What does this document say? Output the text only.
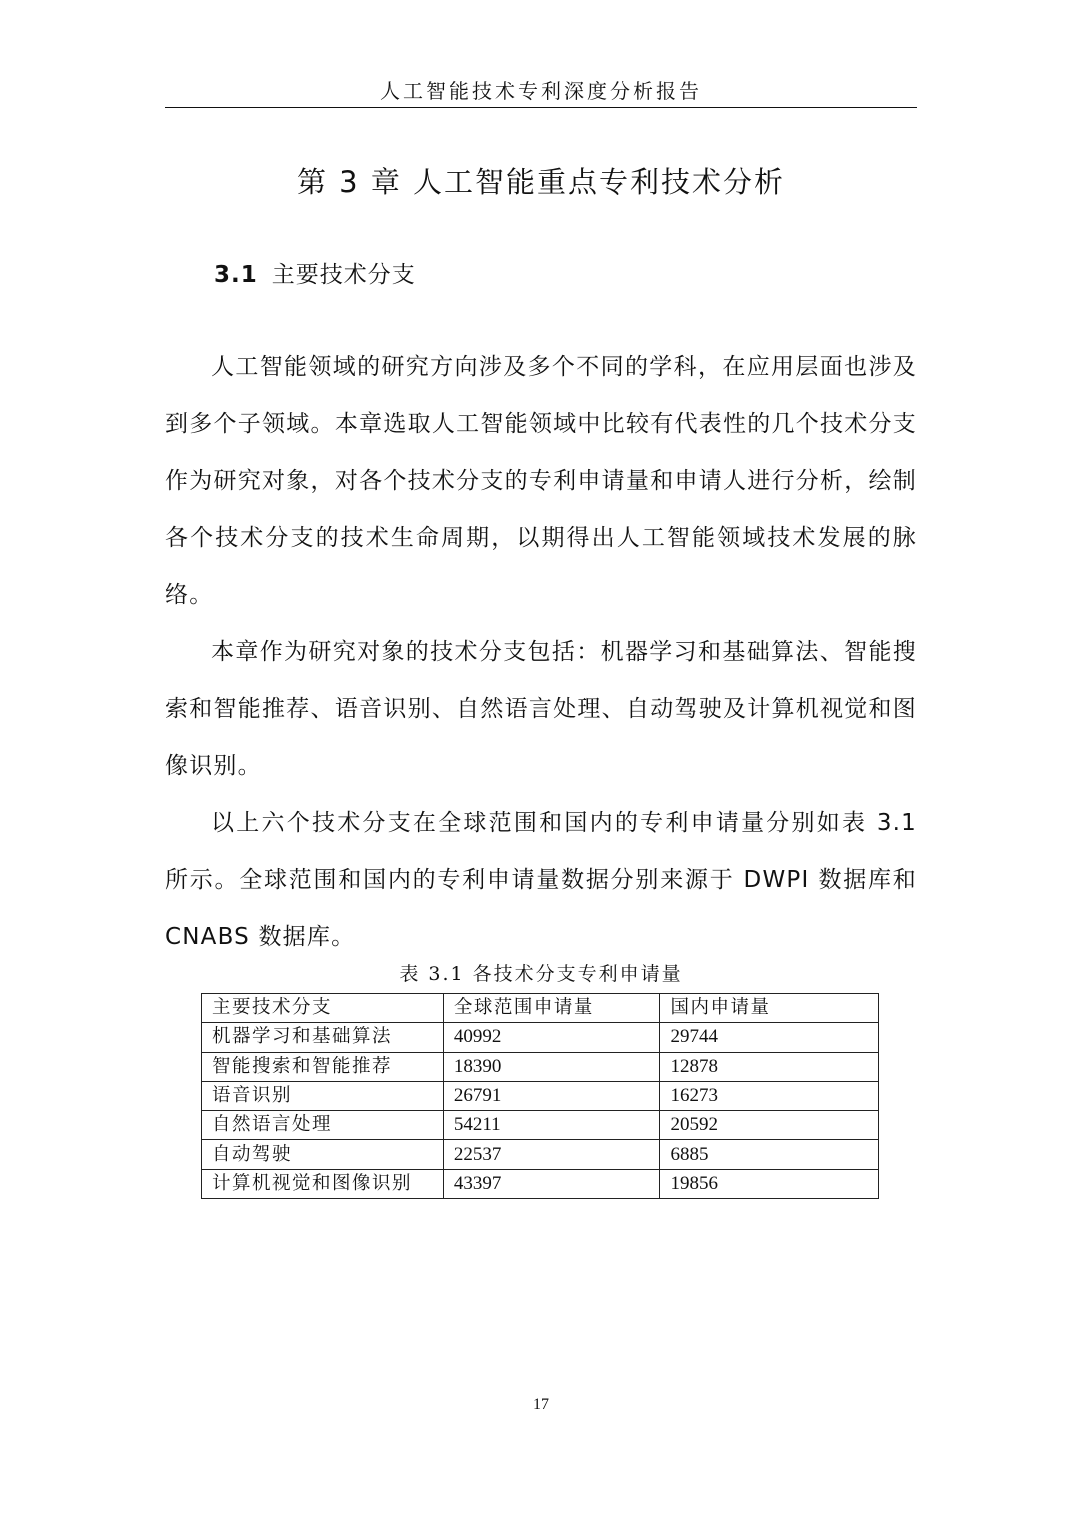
人工智能技术专利深度分析报告
第 3 章 人工智能重点专利技术分析
3.1 主要技术分支

人工智能领域的研究方向涉及多个不同的学科，在应用层面也涉及到多个子领域。本章选取人工智能领域中比较有代表性的几个技术分支作为研究对象，对各个技术分支的专利申请量和申请人进行分析，绘制各个技术分支的技术生命周期，以期得出人工智能领域技术发展的脉络。

本章作为研究对象的技术分支包括：机器学习和基础算法、智能搜索和智能推荐、语音识别、自然语言处理、自动驾驶及计算机视觉和图像识别。

以上六个技术分支在全球范围和国内的专利申请量分别如表 3.1 所示。全球范围和国内的专利申请量数据分别来源于 DWPI 数据库和 CNABS 数据库。

表 3.1 各技术分支专利申请量
主要技术分支	全球范围申请量	国内申请量
机器学习和基础算法	40992	29744
智能搜索和智能推荐	18390	12878
语音识别	26791	16273
自然语言处理	54211	20592
自动驾驶	22537	6885
计算机视觉和图像识别	43397	19856
17
